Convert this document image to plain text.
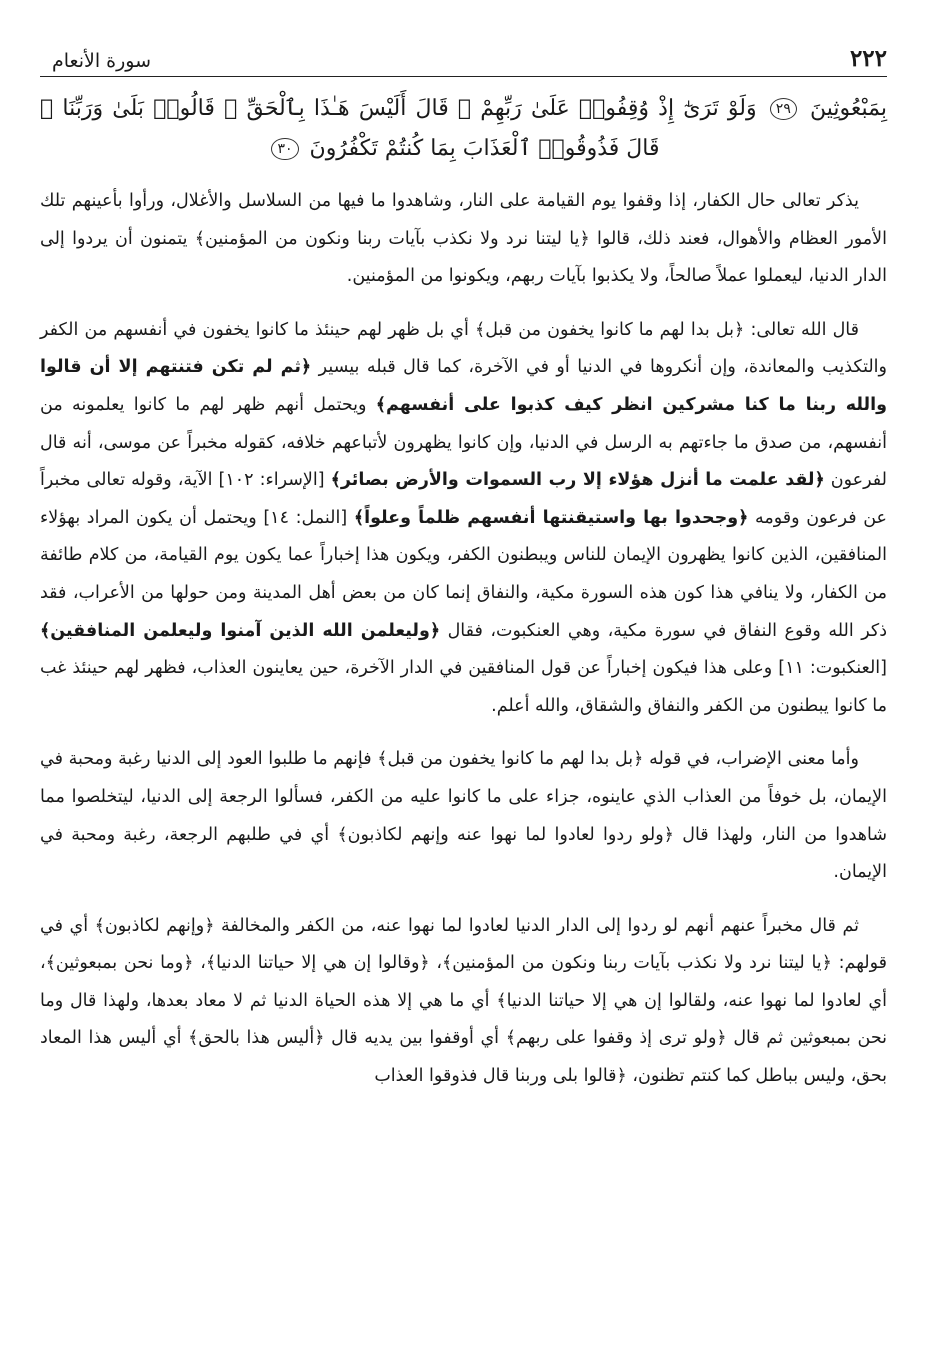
٢٢٢
سورة الأنعام
بِمَبْعُوثِينَ ٢٩ وَلَوْ تَرَىٰٓ إِذْ وُقِفُوا۟ عَلَىٰ رَبِّهِمْ ۚ قَالَ أَلَيْسَ هَـٰذَا بِٱلْحَقِّ ۚ قَالُوا۟ بَلَىٰ وَرَبِّنَا ۚ قَالَ فَذُوقُوا۟ ٱلْعَذَابَ بِمَا كُنتُمْ تَكْفُرُونَ ٣٠

يذكر تعالى حال الكفار، إذا وقفوا يوم القيامة على النار، وشاهدوا ما فيها من السلاسل والأغلال، ورأوا بأعينهم تلك الأمور العظام والأهوال، فعند ذلك، قالوا ﴿يا ليتنا نرد ولا نكذب بآيات ربنا ونكون من المؤمنين﴾ يتمنون أن يردوا إلى الدار الدنيا، ليعملوا عملاً صالحاً، ولا يكذبوا بآيات ربهم، ويكونوا من المؤمنين.

قال الله تعالى: ﴿بل بدا لهم ما كانوا يخفون من قبل﴾ أي بل ظهر لهم حينئذ ما كانوا يخفون في أنفسهم من الكفر والتكذيب والمعاندة، وإن أنكروها في الدنيا أو في الآخرة، كما قال قبله بيسير ﴿ثم لم تكن فتنتهم إلا أن قالوا والله ربنا ما كنا مشركين انظر كيف كذبوا على أنفسهم﴾ ويحتمل أنهم ظهر لهم ما كانوا يعلمونه من أنفسهم، من صدق ما جاءتهم به الرسل في الدنيا، وإن كانوا يظهرون لأتباعهم خلافه، كقوله مخبراً عن موسى، أنه قال لفرعون ﴿لقد علمت ما أنزل هؤلاء إلا رب السموات والأرض بصائر﴾ [الإسراء: ١٠٢] الآية، وقوله تعالى مخبراً عن فرعون وقومه ﴿وجحدوا بها واستيقنتها أنفسهم ظلماً وعلواً﴾ [النمل: ١٤] ويحتمل أن يكون المراد بهؤلاء المنافقين، الذين كانوا يظهرون الإيمان للناس ويبطنون الكفر، ويكون هذا إخباراً عما يكون يوم القيامة، من كلام طائفة من الكفار، ولا ينافي هذا كون هذه السورة مكية، والنفاق إنما كان من بعض أهل المدينة ومن حولها من الأعراب، فقد ذكر الله وقوع النفاق في سورة مكية، وهي العنكبوت، فقال ﴿وليعلمن الله الذين آمنوا وليعلمن المنافقين﴾ [العنكبوت: ١١] وعلى هذا فيكون إخباراً عن قول المنافقين في الدار الآخرة، حين يعاينون العذاب، فظهر لهم حينئذ غب ما كانوا يبطنون من الكفر والنفاق والشقاق، والله أعلم.

وأما معنى الإضراب، في قوله ﴿بل بدا لهم ما كانوا يخفون من قبل﴾ فإنهم ما طلبوا العود إلى الدنيا رغبة ومحبة في الإيمان، بل خوفاً من العذاب الذي عاينوه، جزاء على ما كانوا عليه من الكفر، فسألوا الرجعة إلى الدنيا، ليتخلصوا مما شاهدوا من النار، ولهذا قال ﴿ولو ردوا لعادوا لما نهوا عنه وإنهم لكاذبون﴾ أي في طلبهم الرجعة، رغبة ومحبة في الإيمان.

ثم قال مخبراً عنهم أنهم لو ردوا إلى الدار الدنيا لعادوا لما نهوا عنه، من الكفر والمخالفة ﴿وإنهم لكاذبون﴾ أي في قولهم: ﴿يا ليتنا نرد ولا نكذب بآيات ربنا ونكون من المؤمنين﴾، ﴿وقالوا إن هي إلا حياتنا الدنيا﴾، ﴿وما نحن بمبعوثين﴾، أي لعادوا لما نهوا عنه، ولقالوا إن هي إلا حياتنا الدنيا﴾ أي ما هي إلا هذه الحياة الدنيا ثم لا معاد بعدها، ولهذا قال وما نحن بمبعوثين ثم قال ﴿ولو ترى إذ وقفوا على ربهم﴾ أي أوقفوا بين يديه قال ﴿أليس هذا بالحق﴾ أي أليس هذا المعاد بحق، وليس بباطل كما كنتم تظنون، ﴿قالوا بلى وربنا قال فذوقوا العذاب
